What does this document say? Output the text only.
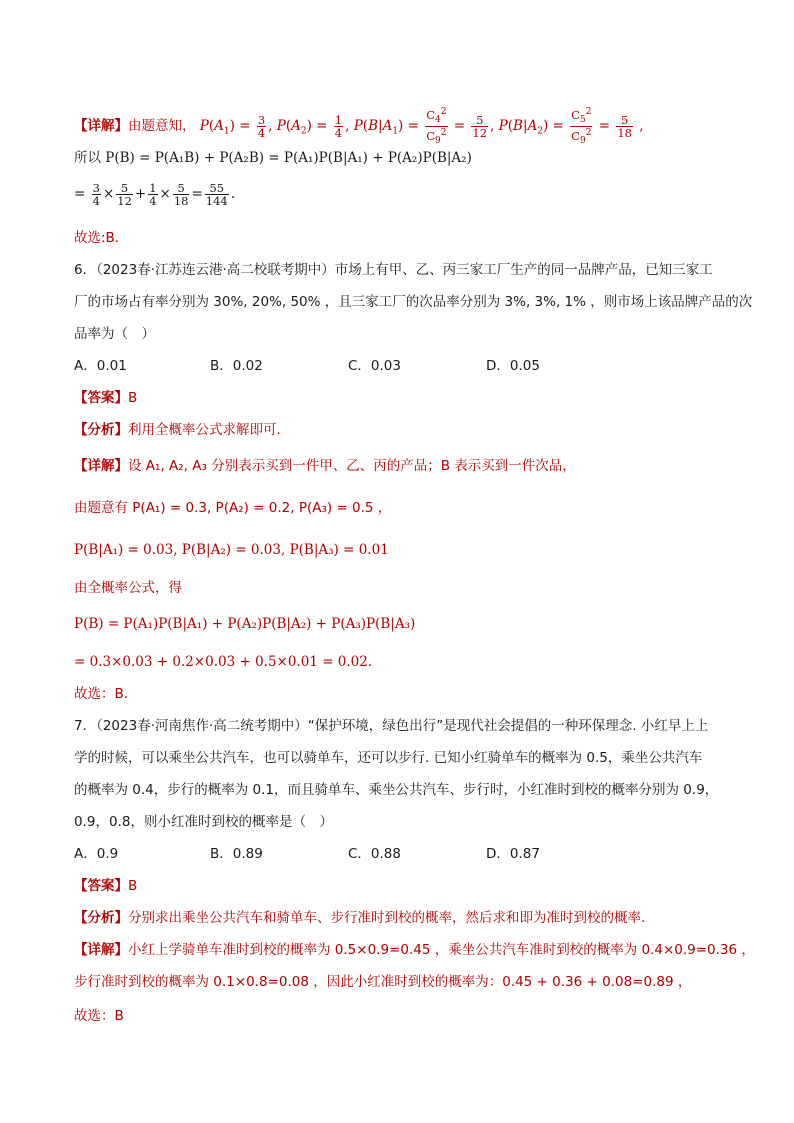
【详解】由题意知， $P(A_1) = \frac{3}{4}$ , $P(A_2) = \frac{1}{4}$ , $P(B|A_1) = \frac{C_4^2}{C_9^2} = \frac{5}{12}$ , $P(B|A_2) = \frac{C_5^2}{C_9^2} = \frac{5}{18}$ ,
所以 P(B) = P(A₁B) + P(A₂B) = P(A₁)P(B|A₁) + P(A₂)P(B|A₂)
= $\frac{3}{4} \times \frac{5}{12} + \frac{1}{4} \times \frac{5}{18} = \frac{55}{144}$ .
故选:B.
6．（2023春·江苏连云港·高二校联考期中）市场上有甲、乙、丙三家工厂生产的同一品牌产品，已知三家工
厂的市场占有率分别为 30%, 20%, 50% ，且三家工厂的次品率分别为 3%, 3%, 1% ，则市场上该品牌产品的次
品率为（　）
A．0.01	B．0.02	C．0.03	D．0.05
【答案】B
【分析】利用全概率公式求解即可.
【详解】设 A₁, A₂, A₃ 分别表示买到一件甲、乙、丙的产品；B 表示买到一件次品，
由题意有 P(A₁) = 0.3, P(A₂) = 0.2, P(A₃) = 0.5 ，
P(B|A₁) = 0.03, P(B|A₂) = 0.03, P(B|A₃) = 0.01
由全概率公式，得
P(B) = P(A₁)P(B|A₁) + P(A₂)P(B|A₂) + P(A₃)P(B|A₃)
= 0.3×0.03 + 0.2×0.03 + 0.5×0.01 = 0.02.
故选：B.
7．（2023春·河南焦作·高二统考期中）“保护环境，绿色出行”是现代社会提倡的一种环保理念. 小红早上上
学的时候，可以乘坐公共汽车，也可以骑单车，还可以步行. 已知小红骑单车的概率为 0.5，乘坐公共汽车
的概率为 0.4，步行的概率为 0.1，而且骑单车、乘坐公共汽车、步行时，小红准时到校的概率分别为 0.9，
0.9，0.8，则小红准时到校的概率是（　）
A．0.9	B．0.89	C．0.88	D．0.87
【答案】B
【分析】分别求出乘坐公共汽车和骑单车、步行准时到校的概率，然后求和即为准时到校的概率.
【详解】小红上学骑单车准时到校的概率为 0.5×0.9=0.45 ，乘坐公共汽车准时到校的概率为 0.4×0.9=0.36 ，
步行准时到校的概率为 0.1×0.8=0.08 ，因此小红准时到校的概率为：0.45 + 0.36 + 0.08=0.89 ，
故选：B
